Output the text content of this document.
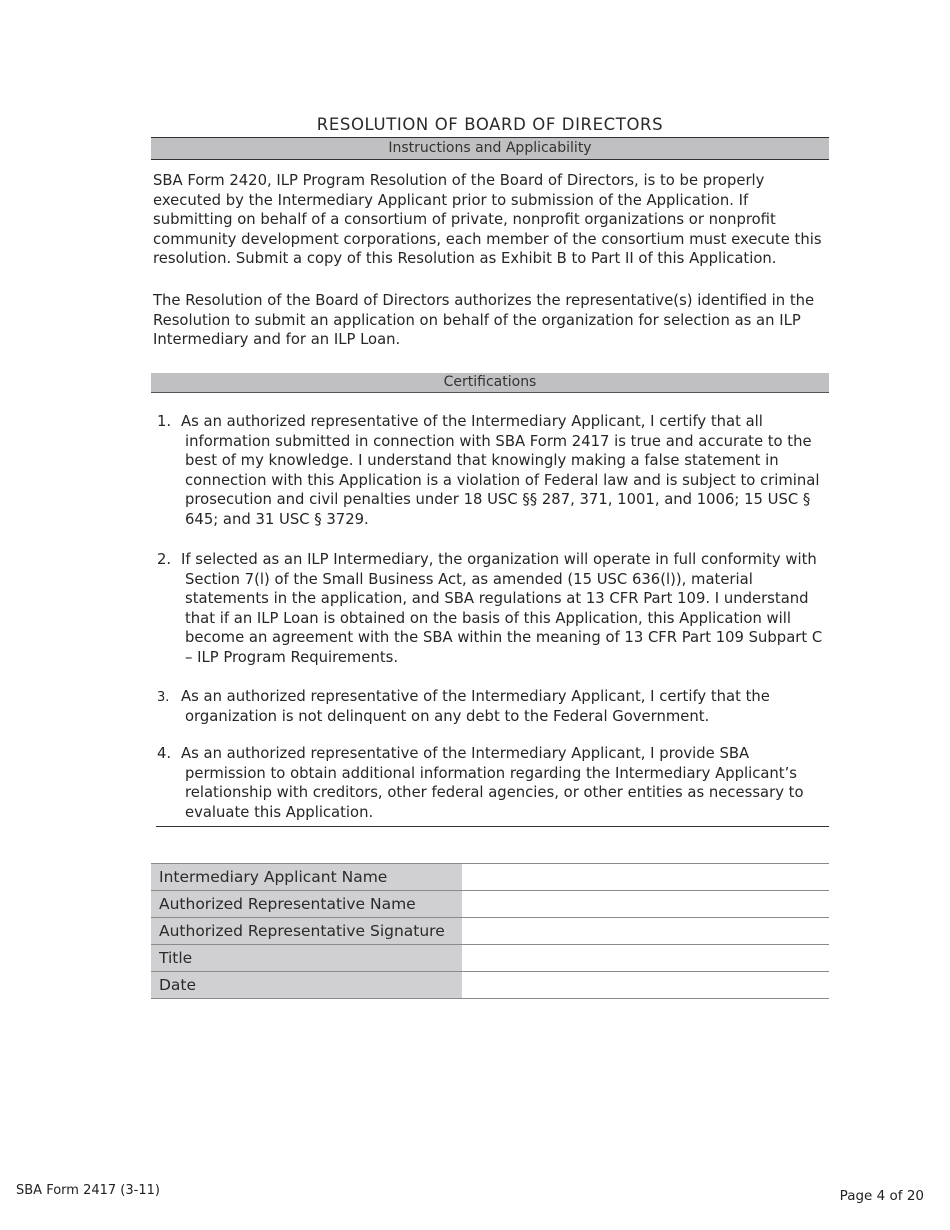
RESOLUTION OF BOARD OF DIRECTORS
Instructions and Applicability

SBA Form 2420, ILP Program Resolution of the Board of Directors, is to be properly executed by the Intermediary Applicant prior to submission of the Application. If submitting on behalf of a consortium of private, nonprofit organizations or nonprofit community development corporations, each member of the consortium must execute this resolution. Submit a copy of this Resolution as Exhibit B to Part II of this Application.

The Resolution of the Board of Directors authorizes the representative(s) identified in the Resolution to submit an application on behalf of the organization for selection as an ILP Intermediary and for an ILP Loan.

Certifications
1. As an authorized representative of the Intermediary Applicant, I certify that all information submitted in connection with SBA Form 2417 is true and accurate to the best of my knowledge. I understand that knowingly making a false statement in connection with this Application is a violation of Federal law and is subject to criminal prosecution and civil penalties under 18 USC §§ 287, 371, 1001, and 1006; 15 USC § 645; and 31 USC § 3729.

2. If selected as an ILP Intermediary, the organization will operate in full conformity with Section 7(l) of the Small Business Act, as amended (15 USC 636(l)), material statements in the application, and SBA regulations at 13 CFR Part 109. I understand that if an ILP Loan is obtained on the basis of this Application, this Application will become an agreement with the SBA within the meaning of 13 CFR Part 109 Subpart C – ILP Program Requirements.

3. As an authorized representative of the Intermediary Applicant, I certify that the organization is not delinquent on any debt to the Federal Government.

4. As an authorized representative of the Intermediary Applicant, I provide SBA permission to obtain additional information regarding the Intermediary Applicant’s relationship with creditors, other federal agencies, or other entities as necessary to evaluate this Application.

Intermediary Applicant Name	
Authorized Representative Name	
Authorized Representative Signature	
Title	
Date	
SBA Form 2417 (3-11)	Page 4 of 20
